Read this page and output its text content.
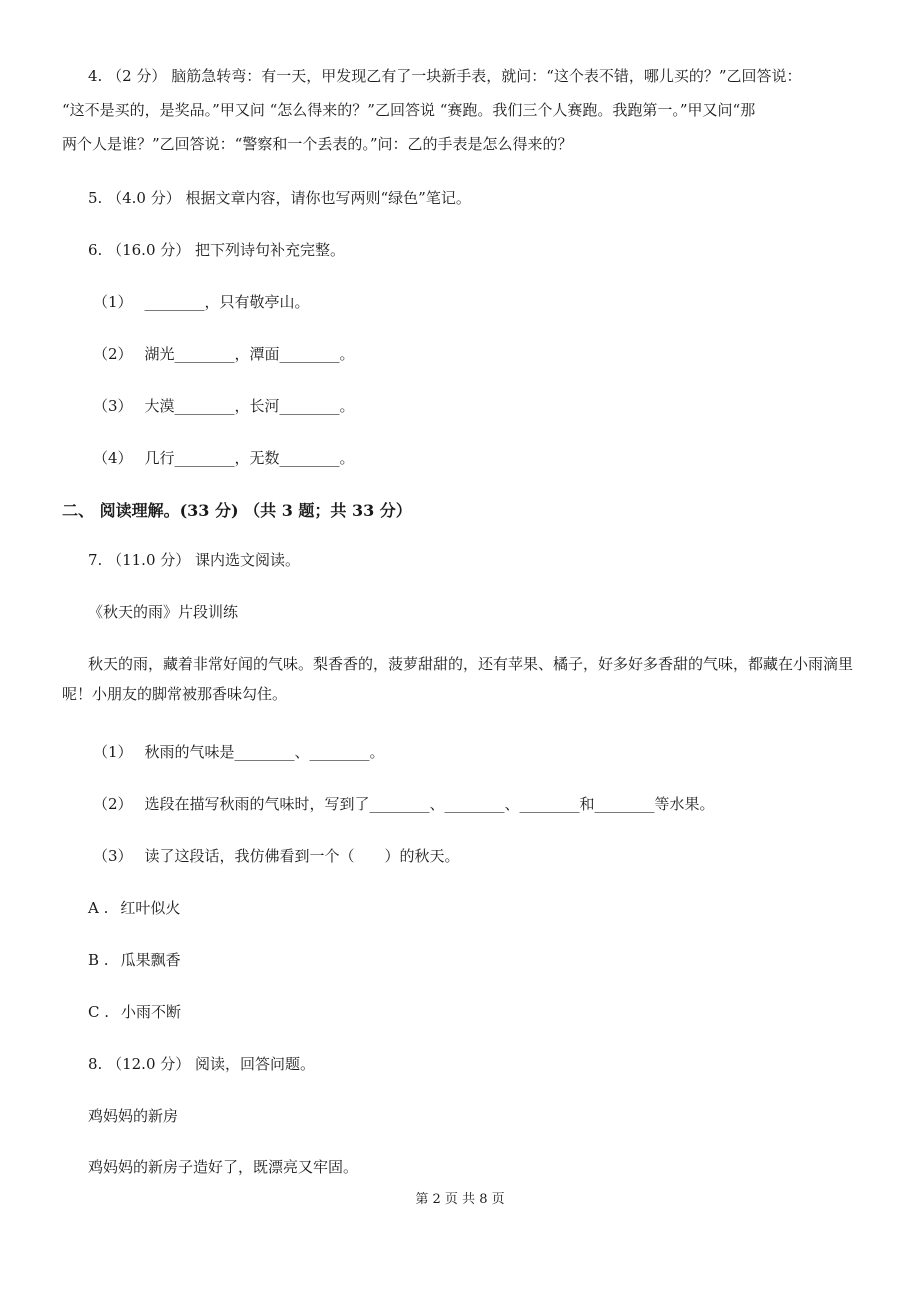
4. （2 分） 脑筋急转弯：有一天，甲发现乙有了一块新手表，就问：“这个表不错，哪儿买的？”乙回答说：
“这不是买的，是奖品。”甲又问 “怎么得来的？”乙回答说 “赛跑。我们三个人赛跑。我跑第一。”甲又问“那
两个人是谁？”乙回答说：“警察和一个丢表的。”问：乙的手表是怎么得来的？
5. （4.0 分） 根据文章内容，请你也写两则“绿色”笔记。
6. （16.0 分） 把下列诗句补充完整。
（1） ________，只有敬亭山。
（2） 湖光________，潭面________。
（3） 大漠________，长河________。
（4） 几行________，无数________。
二、 阅读理解。(33 分) （共 3 题；共 33 分）
7. （11.0 分） 课内选文阅读。
《秋天的雨》片段训练
秋天的雨，藏着非常好闻的气味。梨香香的，菠萝甜甜的，还有苹果、橘子，好多好多香甜的气味，都藏在小雨滴里呢！小朋友的脚常被那香味勾住。
（1） 秋雨的气味是________、________。
（2） 选段在描写秋雨的气味时，写到了________、________、________和________等水果。
（3） 读了这段话，我仿佛看到一个（　　）的秋天。
A . 红叶似火
B . 瓜果飘香
C . 小雨不断
8. （12.0 分） 阅读，回答问题。
鸡妈妈的新房
鸡妈妈的新房子造好了，既漂亮又牢固。
第 2 页 共 8 页
